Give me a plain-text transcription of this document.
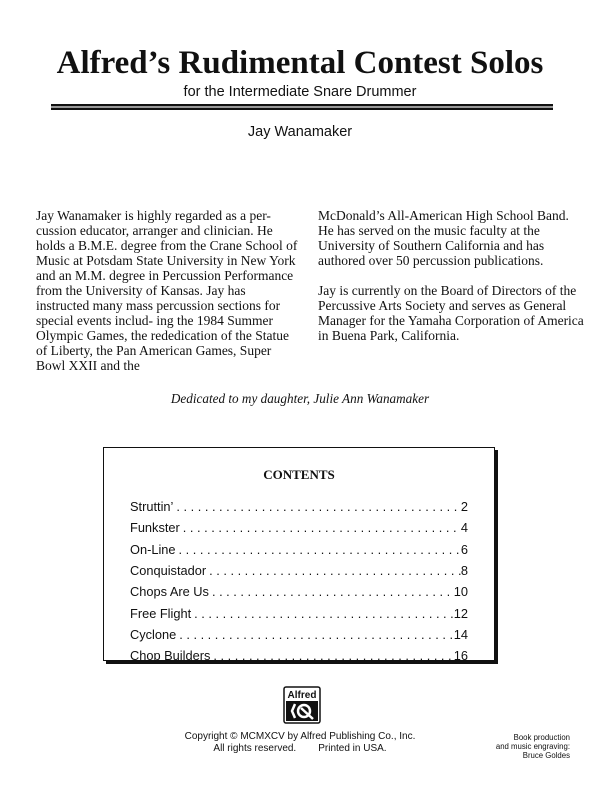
Alfred’s Rudimental Contest Solos
for the Intermediate Snare Drummer
Jay Wanamaker

Jay Wanamaker is highly regarded as a per- cussion educator, arranger and clinician. He holds a B.M.E. degree from the Crane School of Music at Potsdam State University in New York and an M.M. degree in Percussion Performance from the University of Kansas. Jay has instructed many mass percussion sections for special events includ- ing the 1984 Summer Olympic Games, the rededication of the Statue of Liberty, the Pan American Games, Super Bowl XXII and the

McDonald’s All-American High School Band. He has served on the music faculty at the University of Southern California and has authored over 50 percussion publications.

Jay is currently on the Board of Directors of the Percussive Arts Society and serves as General Manager for the Yamaha Corporation of America in Buena Park, California.

Dedicated to my daughter, Julie Ann Wanamaker
CONTENTS
Struttin’ . . .	2
Funkster . . .	4
On-Line . . .	6
Conquistador . . .	8
Chops Are Us . . .	10
Free Flight . . .	12
Cyclone . . .	14
Chop Builders . . .	16
Alfred
Copyright © MCMXCV by Alfred Publishing Co., Inc.
All rights reserved. Printed in USA.
Book production
and music engraving:
Bruce Goldes
